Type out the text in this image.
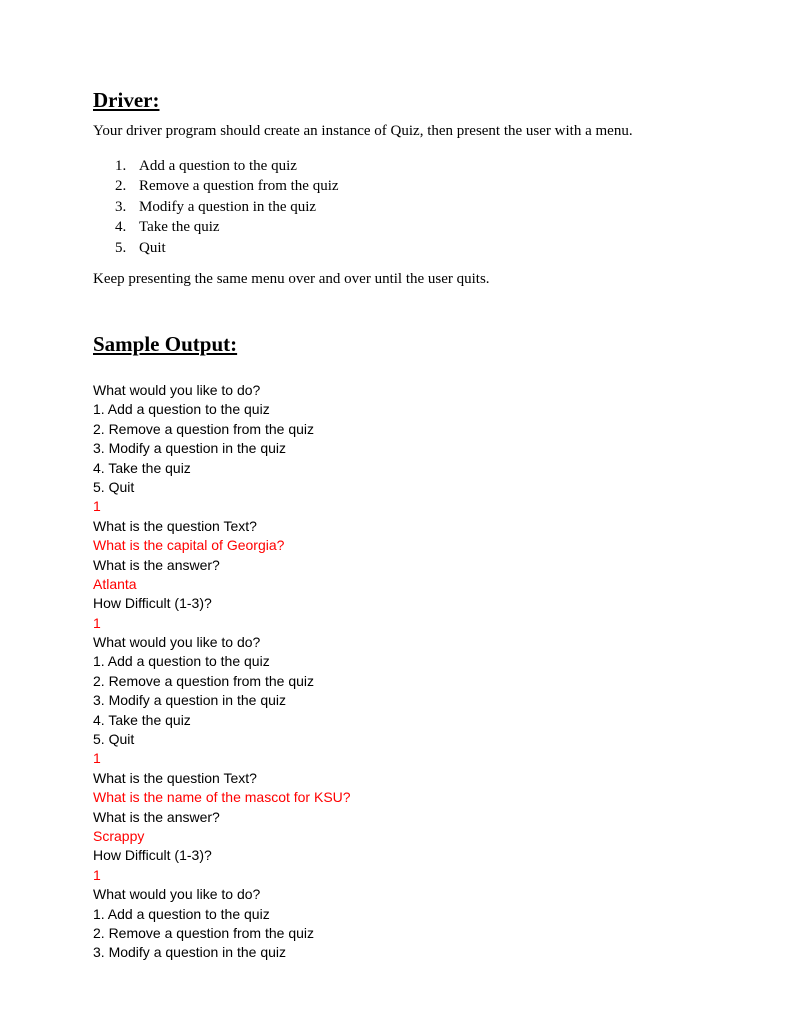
Driver:

Your driver program should create an instance of Quiz, then present the user with a menu.

1. Add a question to the quiz
2. Remove a question from the quiz
3. Modify a question in the quiz
4. Take the quiz
5. Quit

Keep presenting the same menu over and over until the user quits.

Sample Output:
What would you like to do?
1. Add a question to the quiz
2. Remove a question from the quiz
3. Modify a question in the quiz
4. Take the quiz
5. Quit
1
What is the question Text?
What is the capital of Georgia?
What is the answer?
Atlanta
How Difficult (1-3)?
1
What would you like to do?
1. Add a question to the quiz
2. Remove a question from the quiz
3. Modify a question in the quiz
4. Take the quiz
5. Quit
1
What is the question Text?
What is the name of the mascot for KSU?
What is the answer?
Scrappy
How Difficult (1-3)?
1
What would you like to do?
1. Add a question to the quiz
2. Remove a question from the quiz
3. Modify a question in the quiz
